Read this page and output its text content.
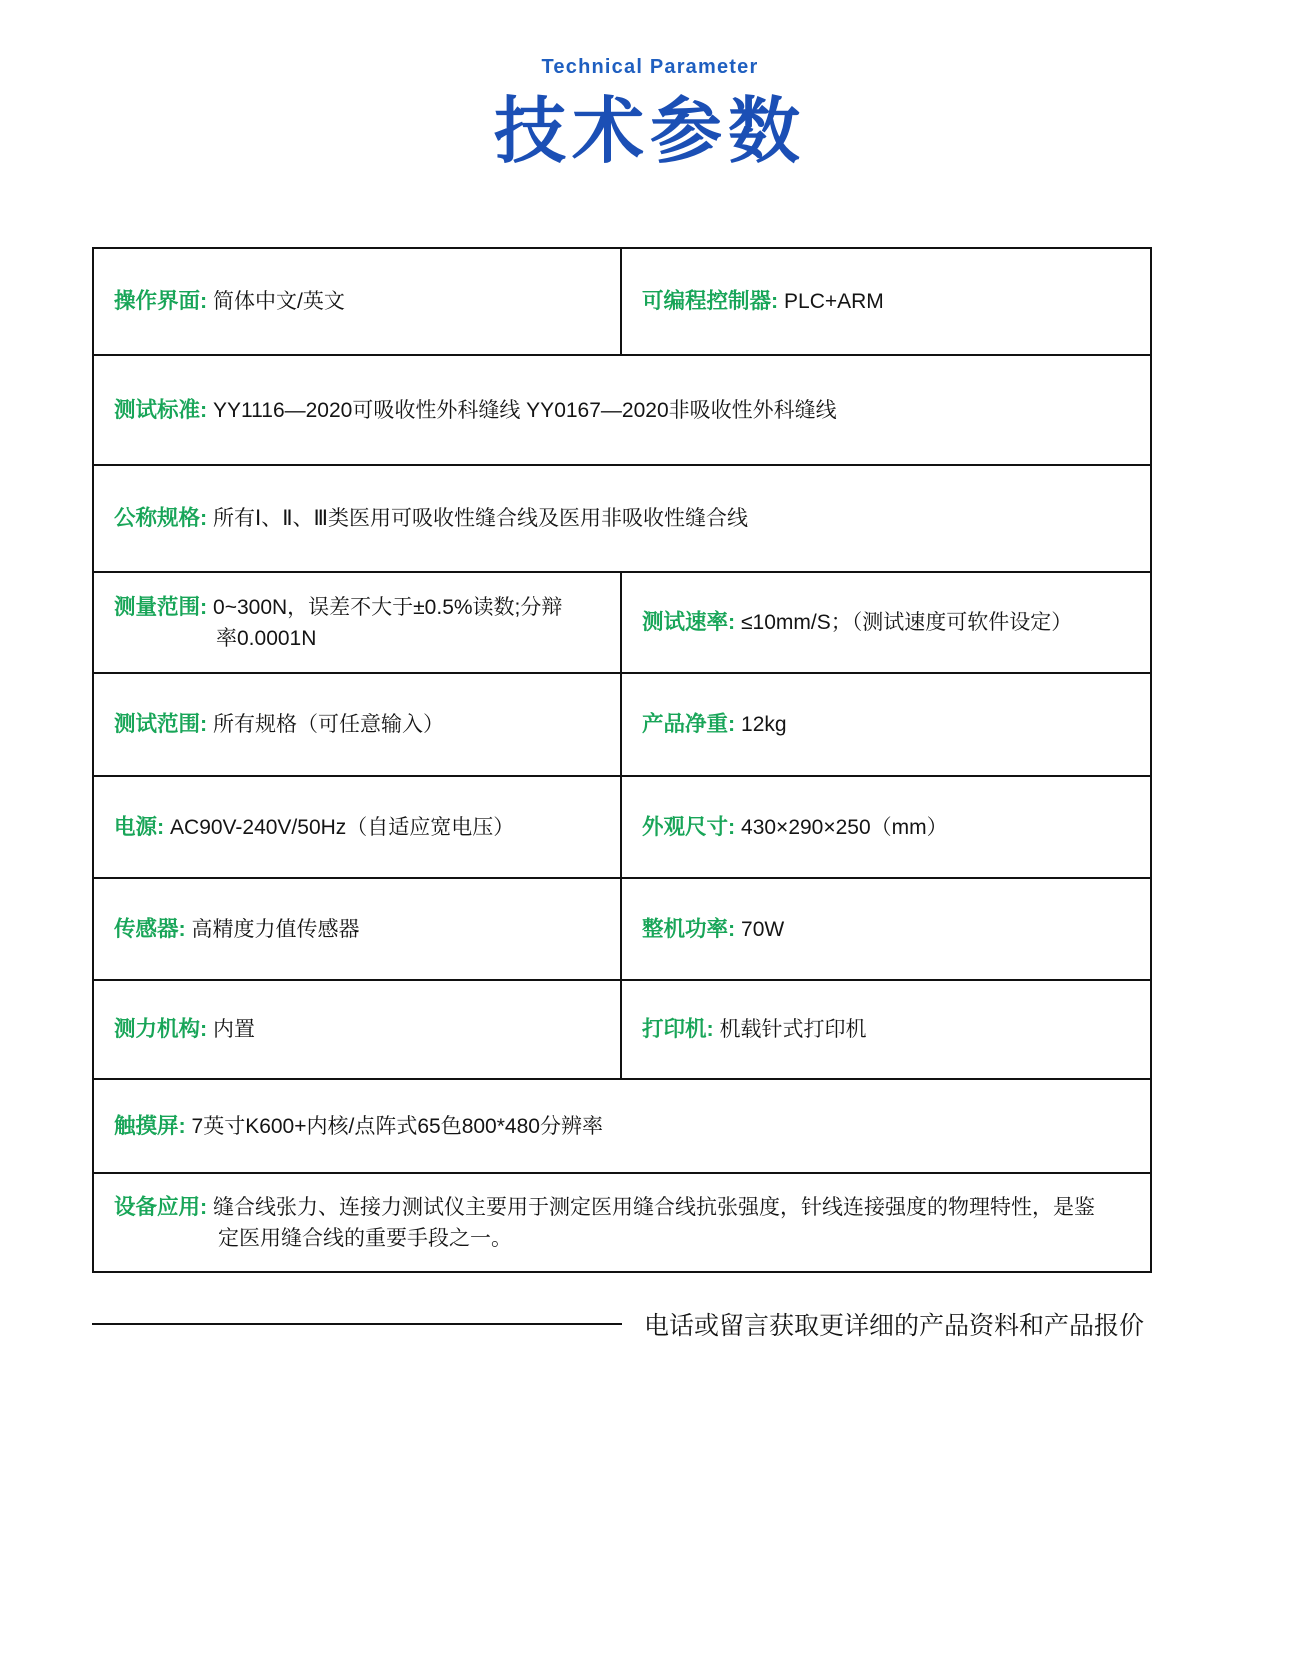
Technical Parameter
技术参数
操作界面: 简体中文/英文	可编程控制器: PLC+ARM
测试标准: YY1116—2020可吸收性外科缝线 YY0167—2020非吸收性外科缝线
公称规格: 所有Ⅰ、Ⅱ、Ⅲ类医用可吸收性缝合线及医用非吸收性缝合线
测量范围: 0~300N，误差不大于±0.5%读数;分辩
率0.0001N
测试速率: ≤10mm/S；（测试速度可软件设定）
测试范围: 所有规格（可任意输入）	产品净重: 12kg
电源: AC90V-240V/50Hz（自适应宽电压）	外观尺寸: 430×290×250（mm）
传感器: 高精度力值传感器	整机功率: 70W
测力机构: 内置	打印机: 机载针式打印机
触摸屏: 7英寸K600+内核/点阵式65色800*480分辨率
设备应用: 缝合线张力、连接力测试仪主要用于测定医用缝合线抗张强度，针线连接强度的物理特性，是鉴
定医用缝合线的重要手段之一。
电话或留言获取更详细的产品资料和产品报价
